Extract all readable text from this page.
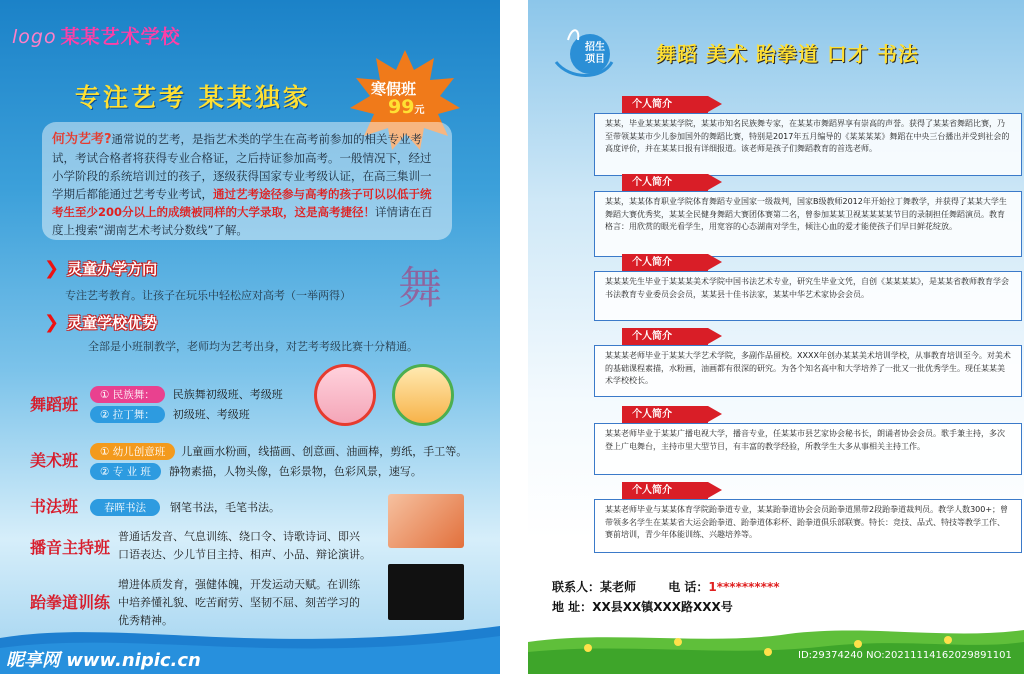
logo 某某艺术学校
专注艺考 某某独家	寒假班
99元
何为艺考?通常说的艺考，是指艺术类的学生在高考前参加的相关专业考试，考试合格者将获得专业合格证，之后持证参加高考。一般情况下，经过小学阶段的系统培训过的孩子，逐级获得国家专业考级认证，在高三集训一学期后都能通过艺考专业考试，通过艺考途径参与高考的孩子可以以低于统考生至少200分以上的成绩被同样的大学录取，这是高考捷径！详情请在百度上搜索“湖南艺术考试分数线”了解。
❯ 灵童办学方向
专注艺考教育。让孩子在玩乐中轻松应对高考（一举两得）	舞
❯ 灵童学校优势
全部是小班制教学，老师均为艺考出身，对艺考考级比赛十分精通。
舞蹈班	① 民族舞： 民族舞初级班、考级班
② 拉丁舞： 初级班、考级班
美术班	① 幼儿创意班 儿童画水粉画，线描画、创意画、油画棒，剪纸，手工等。
② 专 业 班 静物素描，人物头像，色彩景物，色彩风景，速写。
书法班	春晖书法 钢笔书法，毛笔书法。
播音主持班
普通话发音、气息训练、绕口令、诗歌诗词、即兴
口语表达、少儿节目主持、相声、小品、辩论演讲。
跆拳道训练
增进体质发育，强健体魄，开发运动天赋。在训练
中培养懂礼貌、吃苦耐劳、坚韧不屈、刻苦学习的
优秀精神。
昵享网 www.nipic.cn
招生项目	舞蹈 美术 跆拳道 口才 书法
个人简介
某某，毕业某某某某学院，某某市知名民族舞专家，在某某市舞蹈界享有崇高的声誉。获得了某某省舞蹈比赛，乃至带领某某市少儿参加国外的舞蹈比赛，特别是2017年五月编导的《某某某某》舞蹈在中央三台播出并受到社会的高度评价，并在某某日报有详细报道。该老师是孩子们舞蹈教育的首选老师。
个人简介
某某，某某体育职业学院体育舞蹈专业国家一级裁判，国家B级教师2012年开始拉丁舞教学，并获得了某某大学生舞蹈大赛优秀奖，某某全民健身舞蹈大赛团体赛第二名，曾参加某某卫视某某某某节目的录制担任舞蹈演员。教育格言：用欣赏的眼光看学生，用宽容的心态湖南对学生，倾注心血的爱才能使孩子们早日鲜花绽放。
个人简介
某某某先生毕业于某某某美术学院中国书法艺术专业，研究生毕业文凭，自创《某某某某》，是某某省教师教育学会书法教育专业委员会会员，某某县十佳书法家，某某中华艺术家协会会员。
个人简介
某某某老师毕业于某某大学艺术学院，多副作品留校。XXXX年创办某某美术培训学校，从事教育培训至今。对美术的基础课程素描，水粉画，油画都有很深的研究。为各个知名高中和大学培养了一批又一批优秀学生。现任某某美术学校校长。
个人简介
某某老师毕业于某某广播电视大学，播音专业，任某某市县艺家协会秘书长，朗诵者协会会员。歌手兼主持，多次登上广电舞台，主持市里大型节目，有丰富的教学经验，所教学生大多从事相关主持工作。
个人简介
某某老师毕业与某某体育学院跆拳道专业，某某跆拳道协会会员跆拳道黑带2段跆拳道裁判员。教学人数300+；曾带领多名学生在某某省大运会跆拳道、跆拳道体彩杯、跆拳道俱乐部联赛。特长：竞技、品式、特技等教学工作、赛前培训，青少年体能训练、兴趣培养等。
联系人：某老师	电 话：1**********
地 址：XX县XX镇XXX路XXX号
ID:29374240 NO:20211114162029891101
